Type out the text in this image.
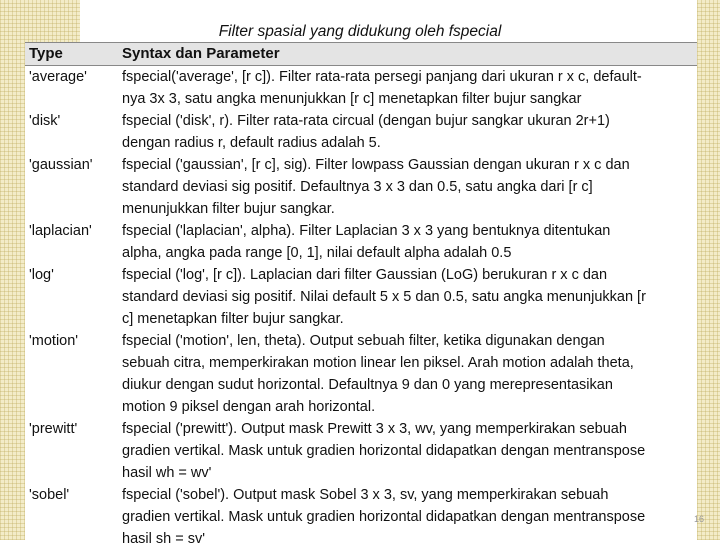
Filter spasial yang didukung oleh fspecial
Type	Syntax dan Parameter
'average'	fspecial('average', [r c]). Filter rata-rata persegi panjang dari ukuran r x c, default-
nya 3x 3, satu angka menunjukkan [r c] menetapkan filter bujur sangkar
'disk'	fspecial ('disk', r). Filter rata-rata circual (dengan bujur sangkar ukuran 2r+1)
dengan radius r, default radius adalah 5.
'gaussian'	fspecial ('gaussian', [r c], sig). Filter lowpass Gaussian dengan ukuran r x c dan
standard deviasi sig positif. Defaultnya 3 x 3 dan 0.5, satu angka dari [r c]
menunjukkan filter bujur sangkar.
'laplacian'	fspecial ('laplacian', alpha). Filter Laplacian 3 x 3 yang bentuknya ditentukan
alpha, angka pada range [0, 1], nilai default alpha adalah 0.5
'log'	fspecial ('log', [r c]). Laplacian dari filter Gaussian (LoG) berukuran r x c dan
standard deviasi sig positif. Nilai default 5 x 5 dan 0.5, satu angka menunjukkan [r
c] menetapkan filter bujur sangkar.
'motion'	fspecial ('motion', len, theta). Output sebuah filter, ketika digunakan dengan
sebuah citra, memperkirakan motion linear len piksel. Arah motion adalah theta,
diukur dengan sudut horizontal. Defaultnya 9 dan 0 yang merepresentasikan
motion 9 piksel dengan arah horizontal.
'prewitt'	fspecial ('prewitt'). Output mask Prewitt 3 x 3, wv, yang memperkirakan sebuah
gradien vertikal. Mask untuk gradien horizontal didapatkan dengan mentranspose
hasil wh = wv'
'sobel'	fspecial ('sobel'). Output mask Sobel 3 x 3, sv, yang memperkirakan sebuah
gradien vertikal. Mask untuk gradien horizontal didapatkan dengan mentranspose
hasil sh = sv'
16
